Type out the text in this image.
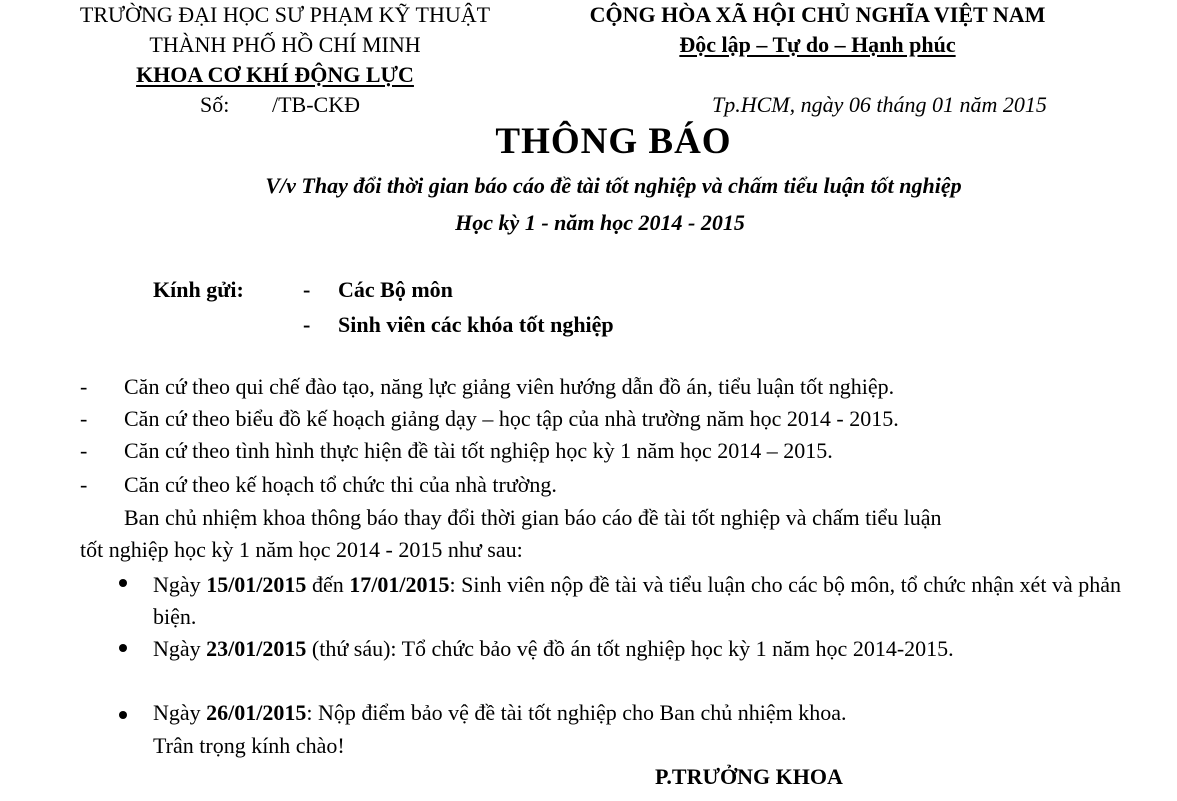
TRƯỜNG ĐẠI HỌC SƯ PHẠM KỸ THUẬT
THÀNH PHỐ HỒ CHÍ MINH
KHOA CƠ KHÍ ĐỘNG LỰC
Số: /TB-CKĐ
CỘNG HÒA XÃ HỘI CHỦ NGHĨA VIỆT NAM
Độc lập – Tự do – Hạnh phúc
Tp.HCM, ngày 06 tháng 01 năm 2015
THÔNG BÁO
V/v Thay đổi thời gian báo cáo đề tài tốt nghiệp và chấm tiểu luận tốt nghiệp
Học kỳ 1 - năm học 2014 - 2015
Kính gửi:	- Các Bộ môn
- Sinh viên các khóa tốt nghiệp
- Căn cứ theo qui chế đào tạo, năng lực giảng viên hướng dẫn đồ án, tiểu luận tốt nghiệp.
- Căn cứ theo biểu đồ kế hoạch giảng dạy – học tập của nhà trường năm học 2014 - 2015.
- Căn cứ theo tình hình thực hiện đề tài tốt nghiệp học kỳ 1 năm học 2014 – 2015.
- Căn cứ theo kế hoạch tổ chức thi của nhà trường.
Ban chủ nhiệm khoa thông báo thay đổi thời gian báo cáo đề tài tốt nghiệp và chấm tiểu luận
tốt nghiệp học kỳ 1 năm học 2014 - 2015 như sau:
Ngày 15/01/2015 đến 17/01/2015: Sinh viên nộp đề tài và tiểu luận cho các bộ môn, tổ chức nhận xét và phản biện.
Ngày 23/01/2015 (thứ sáu): Tổ chức bảo vệ đồ án tốt nghiệp học kỳ 1 năm học 2014-2015.
Ngày 26/01/2015: Nộp điểm bảo vệ đề tài tốt nghiệp cho Ban chủ nhiệm khoa.
Trân trọng kính chào!
P.TRƯỞNG KHOA
